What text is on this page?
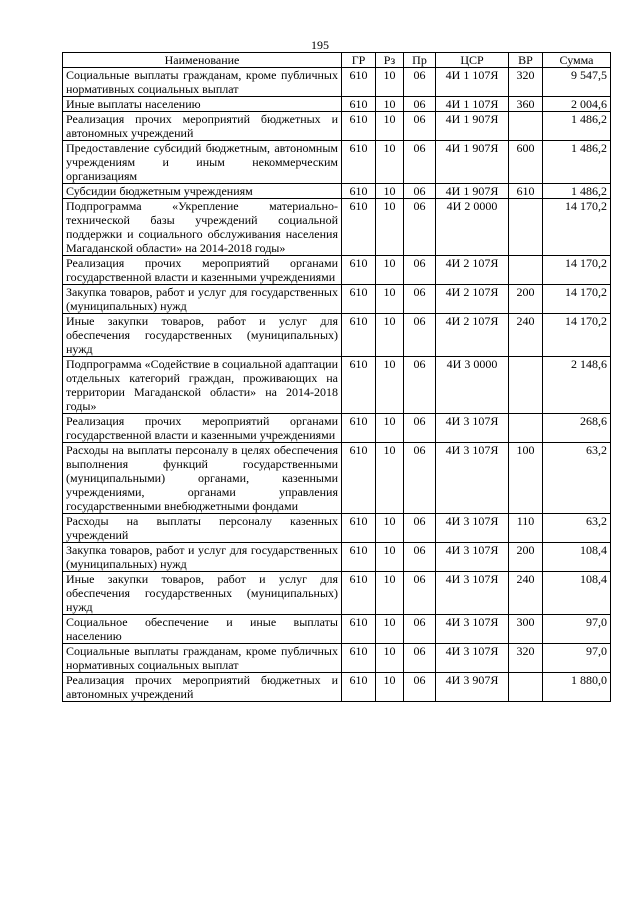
195
Наименование	ГР	Рз	Пр	ЦСР	ВР	Сумма
Социальные выплаты гражданам, кроме публичных нормативных социальных выплат	610	10	06	4И 1 107Я	320	9 547,5
Иные выплаты населению	610	10	06	4И 1 107Я	360	2 004,6
Реализация прочих мероприятий бюджетных и автономных учреждений	610	10	06	4И 1 907Я		1 486,2
Предоставление субсидий бюджетным, автономным учреждениям и иным некоммерческим организациям	610	10	06	4И 1 907Я	600	1 486,2
Субсидии бюджетным учреждениям	610	10	06	4И 1 907Я	610	1 486,2
Подпрограмма «Укрепление материально-технической базы учреждений социальной поддержки и социального обслуживания населения Магаданской области» на 2014-2018 годы»	610	10	06	4И 2 0000		14 170,2
Реализация прочих мероприятий органами государственной власти и казенными учреждениями	610	10	06	4И 2 107Я		14 170,2
Закупка товаров, работ и услуг для государственных (муниципальных) нужд	610	10	06	4И 2 107Я	200	14 170,2
Иные закупки товаров, работ и услуг для обеспечения государственных (муниципальных) нужд	610	10	06	4И 2 107Я	240	14 170,2
Подпрограмма «Содействие в социальной адаптации отдельных категорий граждан, проживающих на территории Магаданской области» на 2014-2018 годы»	610	10	06	4И 3 0000		2 148,6
Реализация прочих мероприятий органами государственной власти и казенными учреждениями	610	10	06	4И 3 107Я		268,6
Расходы на выплаты персоналу в целях обеспечения выполнения функций государственными (муниципальными) органами, казенными учреждениями, органами управления государственными внебюджетными фондами	610	10	06	4И 3 107Я	100	63,2
Расходы на выплаты персоналу казенных учреждений	610	10	06	4И 3 107Я	110	63,2
Закупка товаров, работ и услуг для государственных (муниципальных) нужд	610	10	06	4И 3 107Я	200	108,4
Иные закупки товаров, работ и услуг для обеспечения государственных (муниципальных) нужд	610	10	06	4И 3 107Я	240	108,4
Социальное обеспечение и иные выплаты населению	610	10	06	4И 3 107Я	300	97,0
Социальные выплаты гражданам, кроме публичных нормативных социальных выплат	610	10	06	4И 3 107Я	320	97,0
Реализация прочих мероприятий бюджетных и автономных учреждений	610	10	06	4И 3 907Я		1 880,0
